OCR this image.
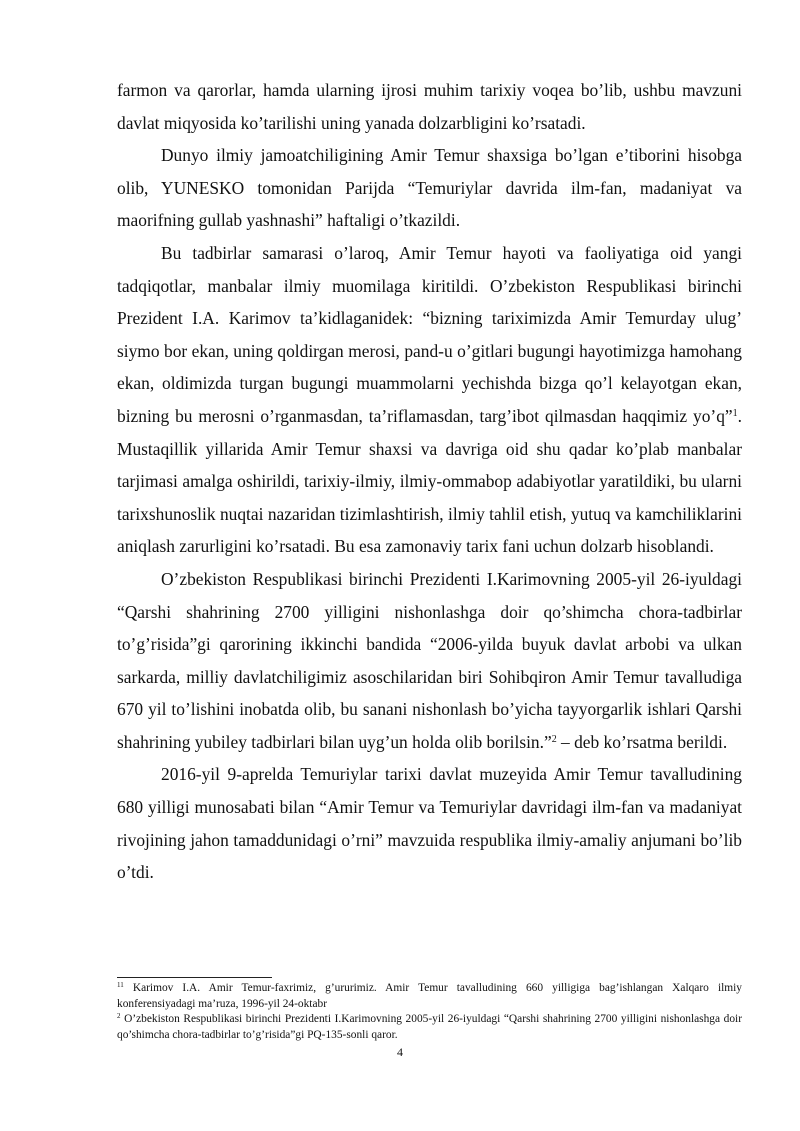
farmon va qarorlar, hamda ularning ijrosi muhim tarixiy voqea bo’lib, ushbu mavzuni davlat miqyosida ko’tarilishi uning yanada dolzarbligini ko’rsatadi.

Dunyo ilmiy jamoatchiligining Amir Temur shaxsiga bo’lgan e’tiborini hisobga olib, YUNESKO tomonidan Parijda “Temuriylar davrida ilm-fan, madaniyat va maorifning gullab yashnashi” haftaligi o’tkazildi.

Bu tadbirlar samarasi o’laroq, Amir Temur hayoti va faoliyatiga oid yangi tadqiqotlar, manbalar ilmiy muomilaga kiritildi. O’zbekiston Respublikasi birinchi Prezident I.A. Karimov ta’kidlaganidek: “bizning tariximizda Amir Temurday ulug’ siymo bor ekan, uning qoldirgan merosi, pand-u o’gitlari bugungi hayotimizga hamohang ekan, oldimizda turgan bugungi muammolarni yechishda bizga qo’l kelayotgan ekan, bizning bu merosni o’rganmasdan, ta’riflamasdan, targ’ibot qilmasdan haqqimiz yo’q”$^1$. Mustaqillik yillarida Amir Temur shaxsi va davriga oid shu qadar ko’plab manbalar tarjimasi amalga oshirildi, tarixiy-ilmiy, ilmiy-ommabop adabiyotlar yaratildiki, bu ularni tarixshunoslik nuqtai nazaridan tizimlashtirish, ilmiy tahlil etish, yutuq va kamchiliklarini aniqlash zarurligini ko’rsatadi. Bu esa zamonaviy tarix fani uchun dolzarb hisoblandi.

O’zbekiston Respublikasi birinchi Prezidenti I.Karimovning 2005-yil 26-iyuldagi “Qarshi shahrining 2700 yilligini nishonlashga doir qo’shimcha chora-tadbirlar to’g’risida”gi qarorining ikkinchi bandida “2006-yilda buyuk davlat arbobi va ulkan sarkarda, milliy davlatchiligimiz asoschilaridan biri Sohibqiron Amir Temur tavalludiga 670 yil to’lishini inobatda olib, bu sanani nishonlash bo’yicha tayyorgarlik ishlari Qarshi shahrining yubiley tadbirlari bilan uyg’un holda olib borilsin.”$^2$ – deb ko’rsatma berildi.

2016-yil 9-aprelda Temuriylar tarixi davlat muzeyida Amir Temur tavalludining 680 yilligi munosabati bilan “Amir Temur va Temuriylar davridagi ilm-fan va madaniyat rivojining jahon tamaddunidagi o’rni” mavzuida respublika ilmiy-amaliy anjumani bo’lib o’tdi.

$^{11}$ Karimov I.A. Amir Temur-faxrimiz, g’ururimiz. Amir Temur tavalludining 660 yilligiga bag’ishlangan Xalqaro ilmiy konferensiyadagi ma’ruza, 1996-yil 24-oktabr

$^2$ O’zbekiston Respublikasi birinchi Prezidenti I.Karimovning 2005-yil 26-iyuldagi “Qarshi shahrining 2700 yilligini nishonlashga doir qo’shimcha chora-tadbirlar to’g’risida”gi PQ-135-sonli qaror.

4
